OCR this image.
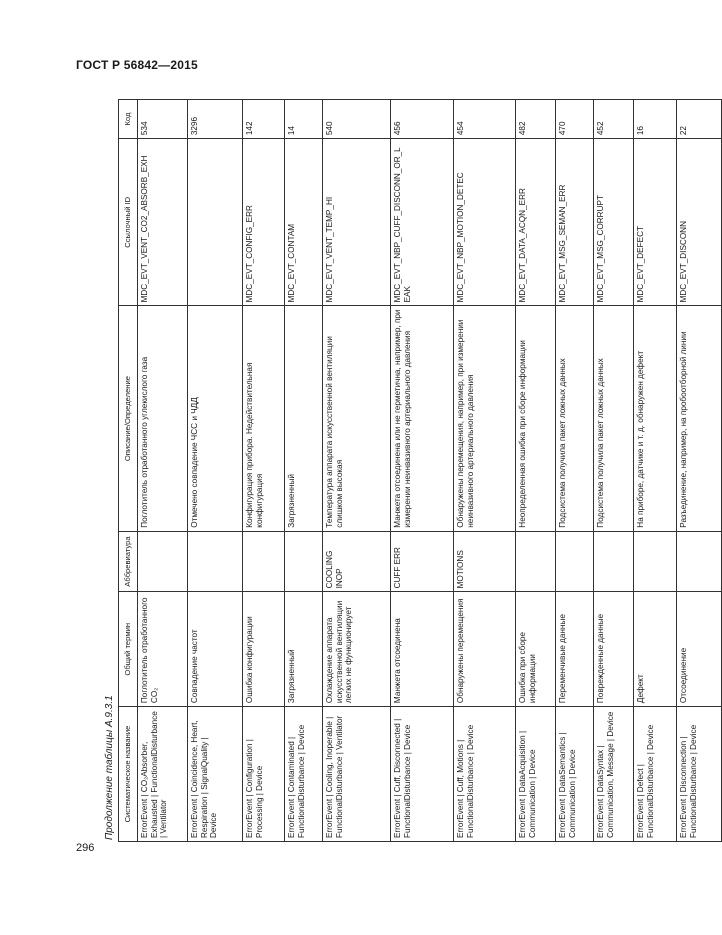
ГОСТ Р 56842—2015
Продолжение таблицы А.9.3.1 Систематическое название	Общий термин	Аббревиатура	Описание/Определение	Ссылочный ID	Код
ErrorEvent | CO₂Absorber, Exhausted | FunctionalDisturbance | Ventilator	Поглотитель отработанного CO₂		Поглотитель отработанного углекислого газа	MDC_EVT_VENT_CO2_ABSORB_EXH	534
ErrorEvent | Coincidence, Heart, Respiration | SignalQuality | Device	Совпадение частот		Отмечено совпадение ЧСС и ЧДД		3296
ErrorEvent | Configuration | Processing | Device	Ошибка конфигурации		Конфигурация прибора. Недействительная конфигурация	MDC_EVT_CONFIG_ERR	142
ErrorEvent | Contaminated | FunctionalDisturbance | Device	Загрязненный		Загрязненный	MDC_EVT_CONTAM	14
ErrorEvent | Cooling, Inoperable | FunctionalDisturbance | Ventilator	Охлаждение аппарата искусственной вентиляции легких не функционирует	COOLING INOP	Температура аппарата искусственной вентиляции слишком высокая	MDC_EVT_VENT_TEMP_HI	540
ErrorEvent | Cuff, Disconnected | FunctionalDisturbance | Device	Манжета отсоединена	CUFF ERR	Манжета отсоединена или не герметична, например, при измерении неинвазивного артериального давления	MDC_EVT_NBP_CUFF_DISCONN_OR_LEAK	456
ErrorEvent | Cuff, Motions | FunctionalDisturbance | Device	Обнаружены перемещения	MOTIONS	Обнаружены перемещения, например, при измерении неинвазивного артериального давления	MDC_EVT_NBP_MOTION_DETEC	454
ErrorEvent | DataAcquisition | Communication | Device	Ошибка при сборе информации		Неопределенная ошибка при сборе информации	MDC_EVT_DATA_ACQN_ERR	482
ErrorEvent | DataSemantics | Communication | Device	Переменчивые данные		Подсистема получила пакет ложных данных	MDC_EVT_MSG_SEMAN_ERR	470
ErrorEvent | DataSyntax | Communication, Message | Device	Поврежденные данные		Подсистема получила пакет ложных данных	MDC_EVT_MSG_CORRUPT	452
ErrorEvent | Defect | FunctionalDisturbance | Device	Дефект		На приборе, датчике и т. д. обнаружен дефект	MDC_EVT_DEFECT	16
ErrorEvent | Disconnection | FunctionalDisturbance | Device	Отсоединение		Разъединение, например, на пробоотборной линии	MDC_EVT_DISCONN	22
296
